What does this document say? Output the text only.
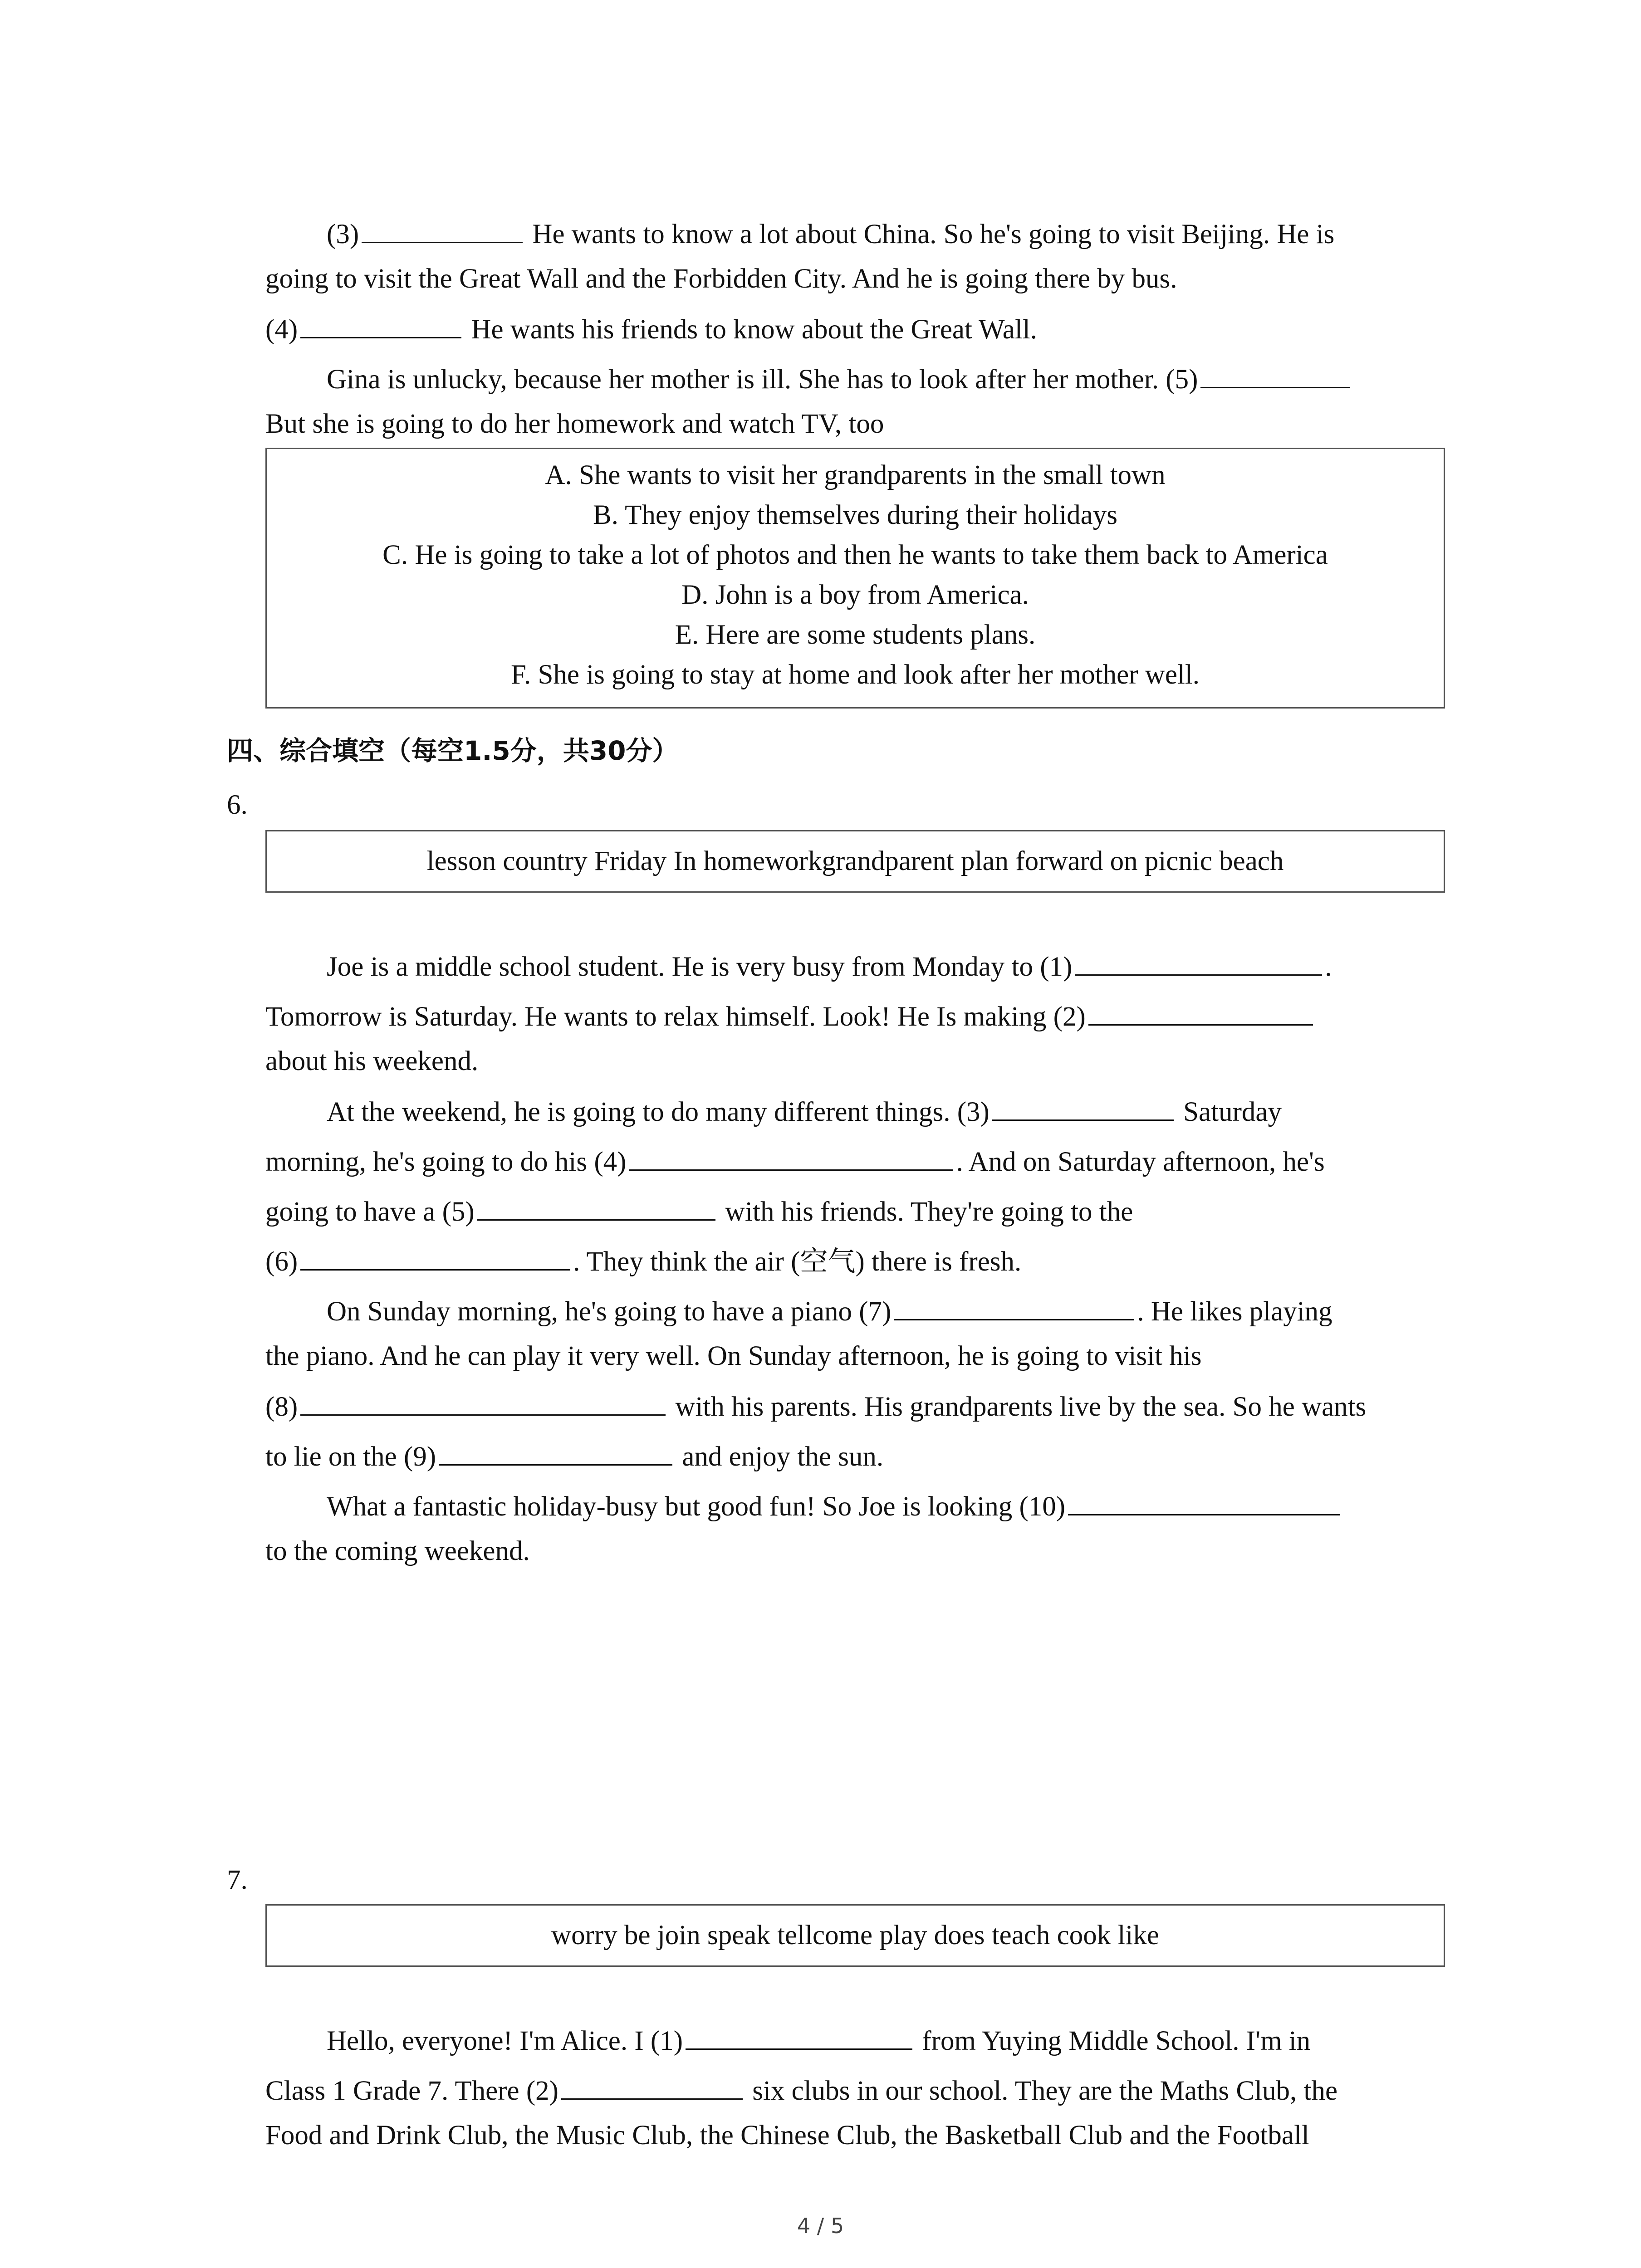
(3)	He wants to know a lot about China. So he's going to visit Beijing. He is
going to visit the Great Wall and the Forbidden City. And he is going there by bus.
(4)	He wants his friends to know about the Great Wall.
Gina is unlucky, because her mother is ill. She has to look after her mother. (5)
But she is going to do her homework and watch TV, too
A. She wants to visit her grandparents in the small town
B. They enjoy themselves during their holidays
C. He is going to take a lot of photos and then he wants to take them back to America
D. John is a boy from America.
E. Here are some students plans.
F. She is going to stay at home and look after her mother well.
四、综合填空（每空1.5分，共30分）
6.
lesson country Friday In homeworkgrandparent plan forward on picnic beach
Joe is a middle school student. He is very busy from Monday to (1)	.
Tomorrow is Saturday. He wants to relax himself. Look! He Is making (2)
about his weekend.
At the weekend, he is going to do many different things. (3)	Saturday
morning, he's going to do his (4)	. And on Saturday afternoon, he's
going to have a (5)	with his friends. They're going to the
(6)	. They think the air (空气) there is fresh.
On Sunday morning, he's going to have a piano (7)	. He likes playing
the piano. And he can play it very well. On Sunday afternoon, he is going to visit his
(8)	with his parents. His grandparents live by the sea. So he wants
to lie on the (9)	and enjoy the sun.
What a fantastic holiday-busy but good fun! So Joe is looking (10)
to the coming weekend.
7.
worry be join speak tellcome play does teach cook like
Hello, everyone! I'm Alice. I (1)	from Yuying Middle School. I'm in
Class 1 Grade 7. There (2)	six clubs in our school. They are the Maths Club, the
Food and Drink Club, the Music Club, the Chinese Club, the Basketball Club and the Football
4 / 5
